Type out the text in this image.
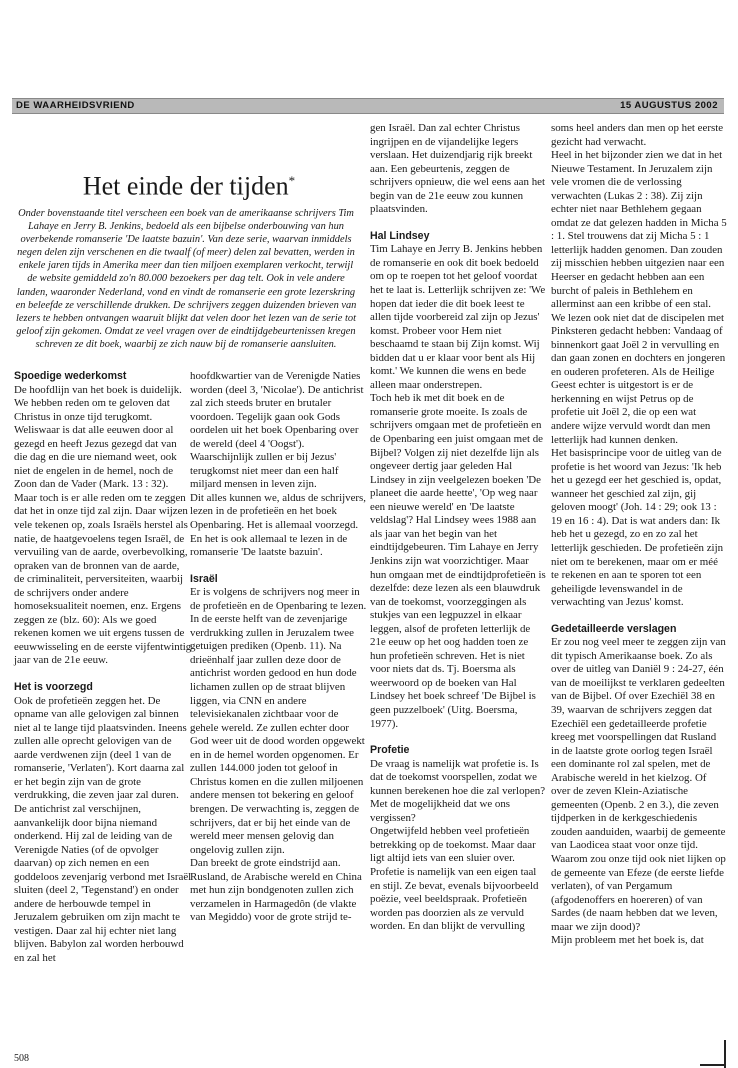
DE WAARHEIDSVRIEND	15 AUGUSTUS 2002
Het einde der tijden*
Onder bovenstaande titel verscheen een boek van de amerikaanse schrijvers Tim Lahaye en Jerry B. Jenkins, bedoeld als een bijbelse onderbouwing van hun overbekende romanserie 'De laatste bazuin'. Van deze serie, waarvan inmiddels negen delen zijn verschenen en die twaalf (of meer) delen zal bevatten, werden in enkele jaren tijds in Amerika meer dan tien miljoen exemplaren verkocht, terwijl de website gemiddeld zo'n 80.000 bezoekers per dag telt. Ook in vele andere landen, waaronder Nederland, vond en vindt de romanserie een grote lezerskring en beleefde ze verschillende drukken. De schrijvers zeggen duizenden brieven van lezers te hebben ontvangen waaruit blijkt dat velen door het lezen van de serie tot geloof zijn gekomen. Omdat ze veel vragen over de eindtijdgebeurtenissen kregen schreven ze dit boek, waarbij ze zich nauw bij de romanserie aansluiten.
Spoedige wederkomst

De hoofdlijn van het boek is duidelijk. We hebben reden om te geloven dat Christus in onze tijd terugkomt. Weliswaar is dat alle eeuwen door al gezegd en heeft Jezus gezegd dat van die dag en die ure niemand weet, ook niet de engelen in de hemel, noch de Zoon dan de Vader (Mark. 13 : 32). Maar toch is er alle reden om te zeggen dat het in onze tijd zal zijn. Daar wijzen vele tekenen op, zoals Israëls herstel als natie, de haatgevoelens tegen Israël, de vervuiling van de aarde, overbevolking, opraken van de bronnen van de aarde, de criminaliteit, perversiteiten, waarbij de schrijvers onder andere homoseksualiteit noemen, enz. Ergens zeggen ze (blz. 60): Als we goed rekenen komen we uit ergens tussen de eeuwwisseling en de eerste vijfentwintig jaar van de 21e eeuw.

Het is voorzegd

Ook de profetieën zeggen het. De opname van alle gelovigen zal binnen niet al te lange tijd plaatsvinden. Ineens zullen alle oprecht gelovigen van de aarde verdwenen zijn (deel 1 van de romanserie, 'Verlaten'). Kort daarna zal er het begin zijn van de grote verdrukking, die zeven jaar zal duren. De antichrist zal verschijnen, aanvankelijk door bijna niemand onderkend. Hij zal de leiding van de Verenigde Naties (of de opvolger daarvan) op zich nemen en een goddeloos zevenjarig verbond met Israël sluiten (deel 2, 'Tegenstand') en onder andere de herbouwde tempel in Jeruzalem gebruiken om zijn macht te vestigen. Daar zal hij echter niet lang blijven. Babylon zal worden herbouwd en zal het

hoofdkwartier van de Verenigde Naties worden (deel 3, 'Nicolae'). De antichrist zal zich steeds bruter en brutaler voordoen. Tegelijk gaan ook Gods oordelen uit het boek Openbaring over de wereld (deel 4 'Oogst'). Waarschijnlijk zullen er bij Jezus' terugkomst niet meer dan een half miljard mensen in leven zijn.

Dit alles kunnen we, aldus de schrijvers, lezen in de profetieën en het boek Openbaring. Het is allemaal voorzegd. En het is ook allemaal te lezen in de romanserie 'De laatste bazuin'.

Israël

Er is volgens de schrijvers nog meer in de profetieën en de Openbaring te lezen. In de eerste helft van de zevenjarige verdrukking zullen in Jeruzalem twee getuigen prediken (Openb. 11). Na drieënhalf jaar zullen deze door de antichrist worden gedood en hun dode lichamen zullen op de straat blijven liggen, via CNN en andere televisiekanalen zichtbaar voor de gehele wereld. Ze zullen echter door God weer uit de dood worden opgewekt en in de hemel worden opgenomen. Er zullen 144.000 joden tot geloof in Christus komen en die zullen miljoenen andere mensen tot bekering en geloof brengen. De verwachting is, zeggen de schrijvers, dat er bij het einde van de wereld meer mensen gelovig dan ongelovig zullen zijn.

Dan breekt de grote eindstrijd aan. Rusland, de Arabische wereld en China met hun zijn bondgenoten zullen zich verzamelen in Harmagedôn (de vlakte van Megiddo) voor de grote strijd te-

gen Israël. Dan zal echter Christus ingrijpen en de vijandelijke legers verslaan. Het duizendjarig rijk breekt aan. Een gebeurtenis, zeggen de schrijvers opnieuw, die wel eens aan het begin van de 21e eeuw zou kunnen plaatsvinden.

Hal Lindsey

Tim Lahaye en Jerry B. Jenkins hebben de romanserie en ook dit boek bedoeld om op te roepen tot het geloof voordat het te laat is. Letterlijk schrijven ze: 'We hopen dat ieder die dit boek leest te allen tijde voorbereid zal zijn op Jezus' komst. Probeer voor Hem niet beschaamd te staan bij Zijn komst. Wij bidden dat u er klaar voor bent als Hij komt.' We kunnen die wens en bede alleen maar onderstrepen.

Toch heb ik met dit boek en de romanserie grote moeite. Is zoals de schrijvers omgaan met de profetieën en de Openbaring een juist omgaan met de Bijbel? Volgen zij niet dezelfde lijn als ongeveer dertig jaar geleden Hal Lindsey in zijn veelgelezen boeken 'De planeet die aarde heette', 'Op weg naar een nieuwe wereld' en 'De laatste veldslag'? Hal Lindsey wees 1988 aan als jaar van het begin van het eindtijdgebeuren. Tim Lahaye en Jerry Jenkins zijn wat voorzichtiger. Maar hun omgaan met de eindtijdprofetieën is dezelfde: deze lezen als een blauwdruk van de toekomst, voorzeggingen als stukjes van een legpuzzel in elkaar leggen, alsof de profeten letterlijk de 21e eeuw op het oog hadden toen ze hun profetieën schreven. Het is niet voor niets dat ds. Tj. Boersma als weerwoord op de boeken van Hal Lindsey het boek schreef 'De Bijbel is geen puzzelboek' (Uitg. Boersma, 1977).

Profetie

De vraag is namelijk wat profetie is. Is dat de toekomst voorspellen, zodat we kunnen berekenen hoe die zal verlopen? Met de mogelijkheid dat we ons vergissen?

Ongetwijfeld hebben veel profetieën betrekking op de toekomst. Maar daar ligt altijd iets van een sluier over. Profetie is namelijk van een eigen taal en stijl. Ze bevat, evenals bijvoorbeeld poëzie, veel beeldspraak. Profetieën worden pas doorzien als ze vervuld worden. En dan blijkt de vervulling

soms heel anders dan men op het eerste gezicht had verwacht.

Heel in het bijzonder zien we dat in het Nieuwe Testament. In Jeruzalem zijn vele vromen die de verlossing verwachten (Lukas 2 : 38). Zij zijn echter niet naar Bethlehem gegaan omdat ze dat gelezen hadden in Micha 5 : 1. Stel trouwens dat zij Micha 5 : 1 letterlijk hadden genomen. Dan zouden zij misschien hebben uitgezien naar een Heerser en gedacht hebben aan een burcht of paleis in Bethlehem en allerminst aan een kribbe of een stal. We lezen ook niet dat de discipelen met Pinksteren gedacht hebben: Vandaag of binnenkort gaat Joël 2 in vervulling en dan gaan zonen en dochters en jongeren en ouderen profeteren. Als de Heilige Geest echter is uitgestort is er de herkenning en wijst Petrus op de profetie uit Joël 2, die op een wat andere wijze vervuld wordt dan men letterlijk had kunnen denken.

Het basisprincipe voor de uitleg van de profetie is het woord van Jezus: 'Ik heb het u gezegd eer het geschied is, opdat, wanneer het geschied zal zijn, gij geloven moogt' (Joh. 14 : 29; ook 13 : 19 en 16 : 4). Dat is wat anders dan: Ik heb het u gezegd, zo en zo zal het letterlijk geschieden. De profetieën zijn niet om te berekenen, maar om er méé te rekenen en aan te sporen tot een geheiligde levenswandel in de verwachting van Jezus' komst.

Gedetailleerde verslagen

Er zou nog veel meer te zeggen zijn van dit typisch Amerikaanse boek. Zo als over de uitleg van Daniël 9 : 24-27, één van de moeilijkst te verklaren gedeelten van de Bijbel. Of over Ezechiël 38 en 39, waarvan de schrijvers zeggen dat Ezechiël een gedetailleerde profetie kreeg met voorspellingen dat Rusland in de laatste grote oorlog tegen Israël een dominante rol zal spelen, met de Arabische wereld in het kielzog. Of over de zeven Klein-Aziatische gemeenten (Openb. 2 en 3.), die zeven tijdperken in de kerkgeschiedenis zouden aanduiden, waarbij de gemeente van Laodicea staat voor onze tijd. Waarom zou onze tijd ook niet lijken op de gemeente van Efeze (de eerste liefde verlaten), of van Pergamum (afgodenoffers en hoereren) of van Sardes (de naam hebben dat we leven, maar we zijn dood)?

Mijn probleem met het boek is, dat

508
